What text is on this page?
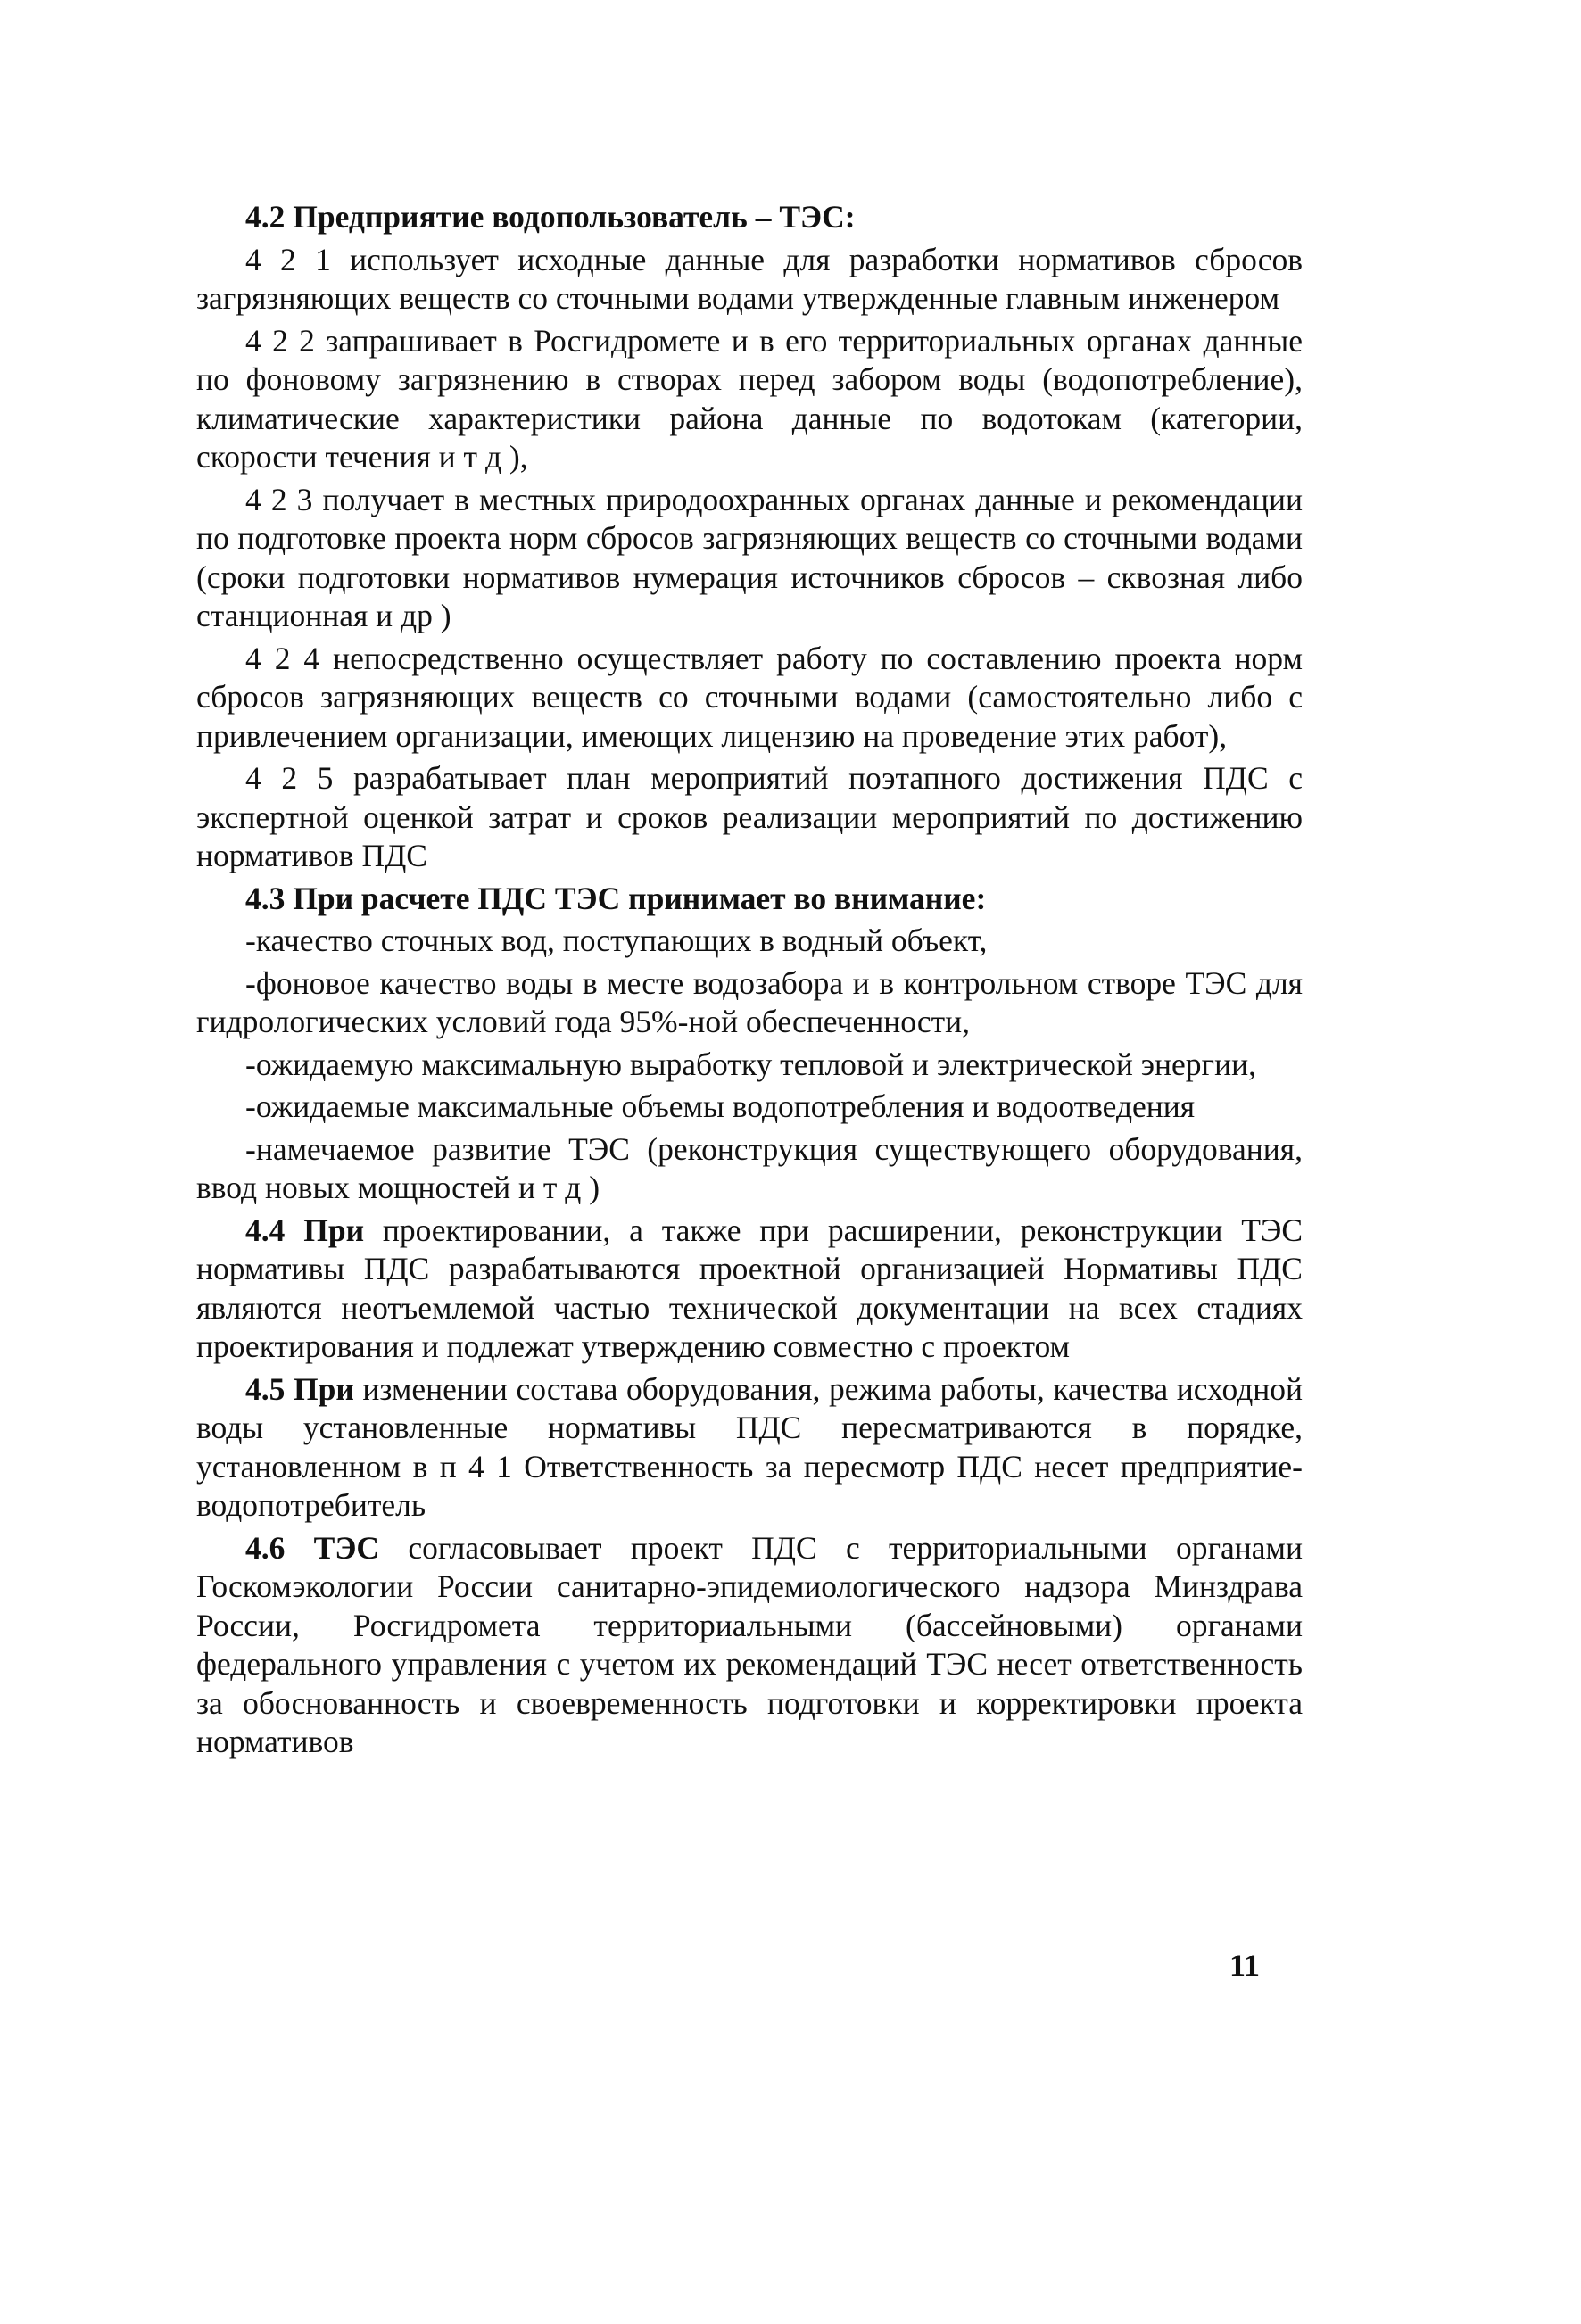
4.2 Предприятие водопользователь – ТЭС:

4 2 1 использует исходные данные для разработки нормативов сбросов загрязняющих веществ со сточными водами утвержденные главным инженером

4 2 2 запрашивает в Росгидромете и в его территориальных органах данные по фоновому загрязнению в створах перед забором воды (водопотребление), климатические характеристики района данные по водотокам (категории, скорости течения и т д ),

4 2 3 получает в местных природоохранных органах данные и рекомендации по подготовке проекта норм сбросов загрязняющих веществ со сточными водами (сроки подготовки нормативов нумерация источников сбросов – сквозная либо станционная и др )

4 2 4 непосредственно осуществляет работу по составлению проекта норм сбросов загрязняющих веществ со сточными водами (самостоятельно либо с привлечением организации, имеющих лицензию на проведение этих работ),

4 2 5 разрабатывает план мероприятий поэтапного достижения ПДС с экспертной оценкой затрат и сроков реализации мероприятий по достижению нормативов ПДС

4.3 При расчете ПДС ТЭС принимает во внимание:

-качество сточных вод, поступающих в водный объект,

-фоновое качество воды в месте водозабора и в контрольном створе ТЭС для гидрологических условий года 95%-ной обеспеченности,

-ожидаемую максимальную выработку тепловой и электрической энергии,

-ожидаемые максимальные объемы водопотребления и водоотведения

-намечаемое развитие ТЭС (реконструкция существующего оборудования, ввод новых мощностей и т д )

4.4 При проектировании, а также при расширении, реконструкции ТЭС нормативы ПДС разрабатываются проектной организацией Нормативы ПДС являются неотъемлемой частью технической документации на всех стадиях проектирования и подлежат утверждению совместно с проектом

4.5 При изменении состава оборудования, режима работы, качества исходной воды установленные нормативы ПДС пересматриваются в порядке, установленном в п 4 1 Ответственность за пересмотр ПДС несет предприятие-водопотребитель

4.6 ТЭС согласовывает проект ПДС с территориальными органами Госкомэкологии России санитарно-эпидемиологического надзора Минздрава России, Росгидромета территориальными (бассейновыми) органами федерального управления с учетом их рекомендаций ТЭС несет ответственность за обоснованность и своевременность подготовки и корректировки проекта нормативов

11
